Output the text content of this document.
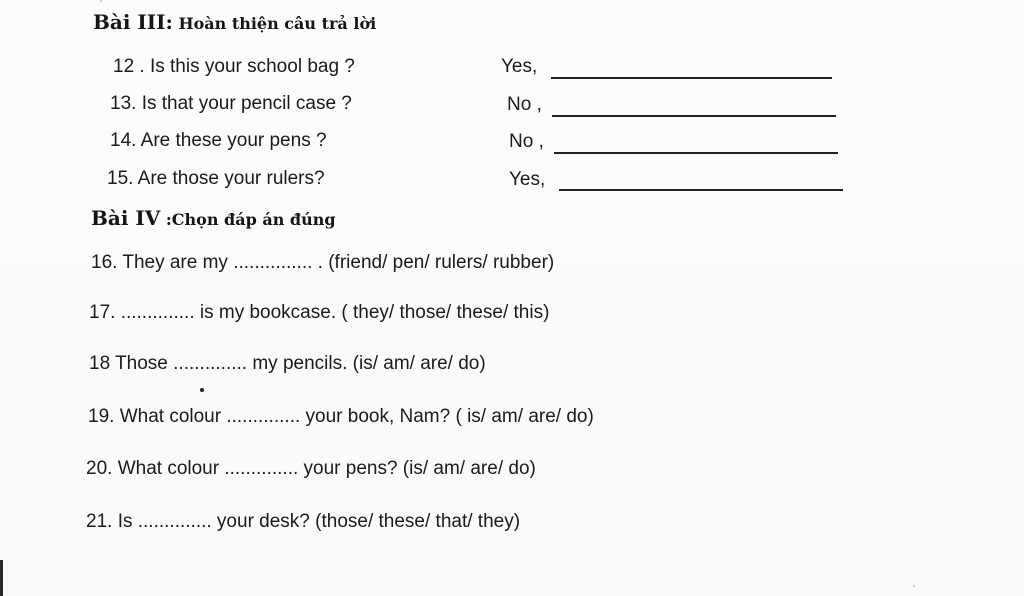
Bài III: Hoàn thiện câu trả lời
12 . Is this your school bag ?
13. Is that your pencil case ?
14. Are these your pens ?
15. Are those your rulers?
Yes,
No ,
No ,
Yes,
Bài IV :Chọn đáp án đúng
16. They are my ............... . (friend/ pen/ rulers/ rubber)
17. .............. is my bookcase. ( they/ those/ these/ this)
18 Those .............. my pencils. (is/ am/ are/ do)
19. What colour .............. your book, Nam? ( is/ am/ are/ do)
20. What colour .............. your pens? (is/ am/ are/ do)
21. Is .............. your desk? (those/ these/ that/ they)
